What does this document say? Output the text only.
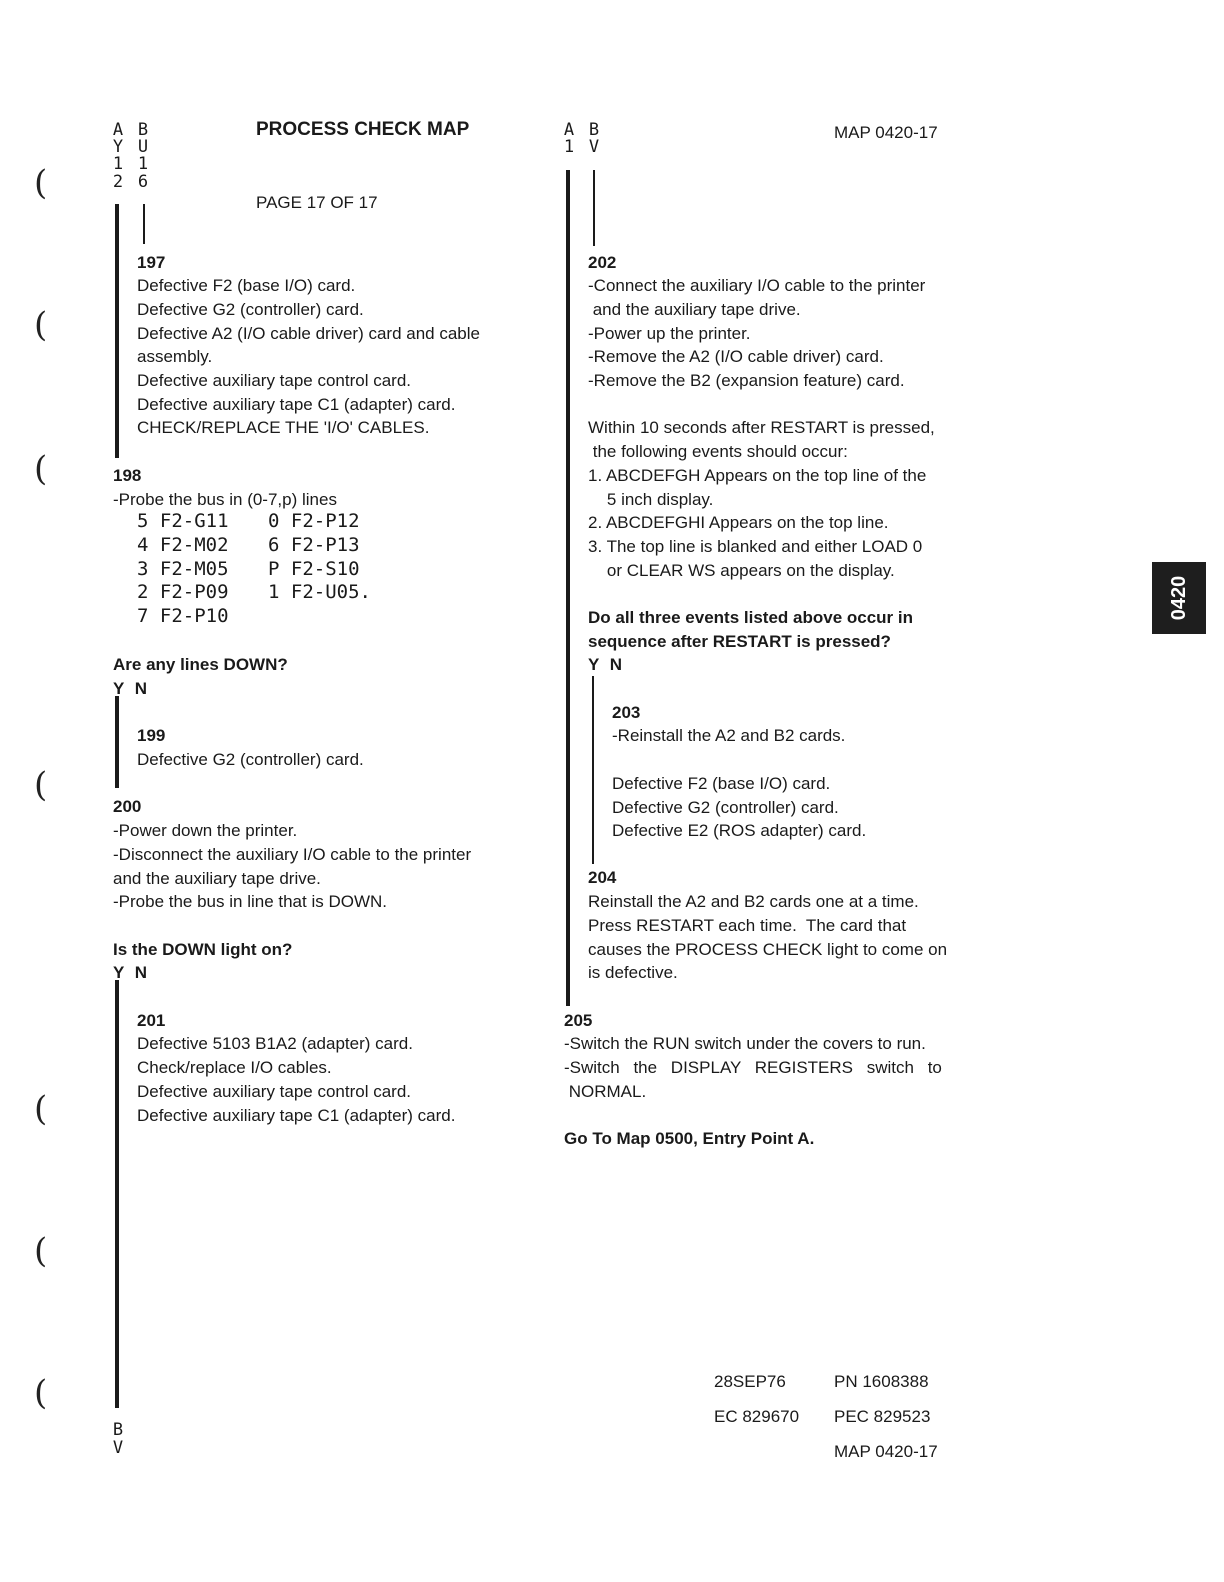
(
(
(
(
(
(
(
PROCESS CHECK MAP
PAGE 17 OF 17
MAP 0420-17
A
Y
1
2
B
U
1
6
A
1
B
V
197
Defective F2 (base I/O) card.
Defective G2 (controller) card.
Defective A2 (I/O cable driver) card and cable
assembly.
Defective auxiliary tape control card.
Defective auxiliary tape C1 (adapter) card.
CHECK/REPLACE THE 'I/O' CABLES.
198
-Probe the bus in (0-7,p) lines
5 F2-G11
4 F2-M02
3 F2-M05
2 F2-P09
7 F2-P10
0 F2-P12
6 F2-P13
P F2-S10
1 F2-U05.
Are any lines DOWN?
Y N
199
Defective G2 (controller) card.
200
-Power down the printer.
-Disconnect the auxiliary I/O cable to the printer
and the auxiliary tape drive.
-Probe the bus in line that is DOWN.
Is the DOWN light on?
Y N
201
Defective 5103 B1A2 (adapter) card.
Check/replace I/O cables.
Defective auxiliary tape control card.
Defective auxiliary tape C1 (adapter) card.
B
V
202
-Connect the auxiliary I/O cable to the printer
and the auxiliary tape drive.
-Power up the printer.
-Remove the A2 (I/O cable driver) card.
-Remove the B2 (expansion feature) card.
Within 10 seconds after RESTART is pressed,
the following events should occur:
1. ABCDEFGH Appears on the top line of the
5 inch display.
2. ABCDEFGHI Appears on the top line.
3. The top line is blanked and either LOAD 0
or CLEAR WS appears on the display.
Do all three events listed above occur in
sequence after RESTART is pressed?
Y N
203
-Reinstall the A2 and B2 cards.
Defective F2 (base I/O) card.
Defective G2 (controller) card.
Defective E2 (ROS adapter) card.
204
Reinstall the A2 and B2 cards one at a time.
Press RESTART each time.  The card that
causes the PROCESS CHECK light to come on
is defective.
205
-Switch the RUN switch under the covers to run.
-Switch the DISPLAY REGISTERS switch to
NORMAL.
Go To Map 0500, Entry Point A.
28SEP76	PN 1608388
EC 829670 PEC 829523
MAP 0420-17
0420
